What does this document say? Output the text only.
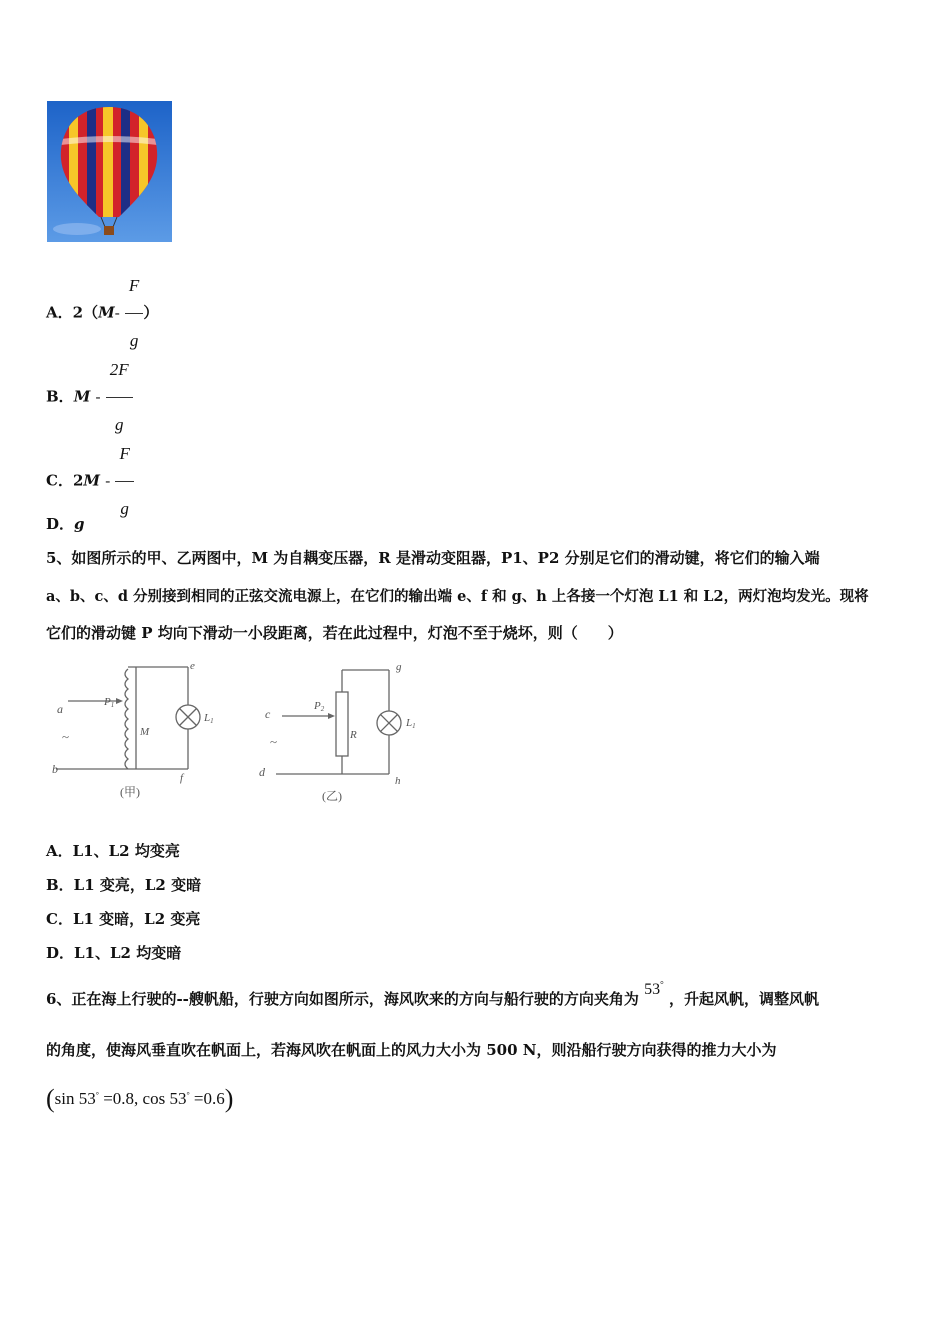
A．$2(M- \frac{F}{g}$ ）
B．M - $\frac{2F}{g}$
C．$2M - \frac{F}{g}$
D．g
5、如图所示的甲、乙两图中，M 为自耦变压器，R 是滑动变阻器，P1、P2 分别足它们的滑动键，将它们的输入端
a、b、c、d 分别接到相同的正弦交流电源上，在它们的输出端 e、f 和 g、h 上各接一个灯泡 L1 和 L2，两灯泡均发光。现将
它们的滑动键 P 均向下滑动一小段距离，若在此过程中，灯泡不至于烧坏，则（　　）
a
b
~
e
f
P1
M
L1
(甲)
c
d
~
g
h
P2
R
L1
(乙)
A．L1、L2 均变亮
B．L1 变亮，L2 变暗
C．L1 变暗，L2 变亮
D．L1、L2 均变暗
6、正在海上行驶的--艘帆船，行驶方向如图所示，海风吹来的方向与船行驶的方向夹角为 53° ，升起风帆，调整风帆
的角度，使海风垂直吹在帆面上，若海风吹在帆面上的风力大小为 500 N，则沿船行驶方向获得的推力大小为
(sin 53° =0.8, cos 53° =0.6)
